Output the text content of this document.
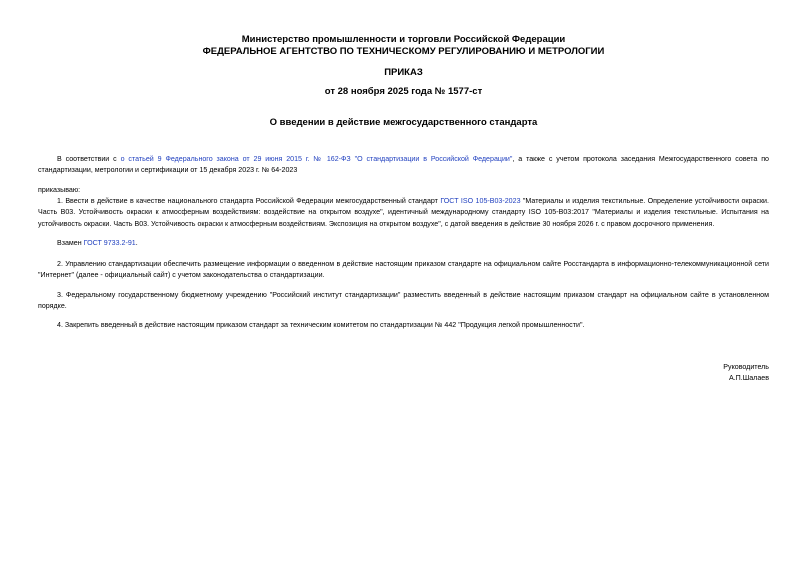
Министерство промышленности и торговли Российской Федерации
ФЕДЕРАЛЬНОЕ АГЕНТСТВО ПО ТЕХНИЧЕСКОМУ РЕГУЛИРОВАНИЮ И МЕТРОЛОГИИ
ПРИКАЗ
от 28 ноября 2025 года № 1577-ст
О введении в действие межгосударственного стандарта
В соответствии с о статьей 9 Федерального закона от 29 июня 2015 г. № 162-ФЗ "О стандартизации в Российской Федерации", а также с учетом протокола заседания Межгосударственного совета по стандартизации, метрологии и сертификации от 15 декабря 2023 г. № 64-2023
приказываю:
1. Ввести в действие в качестве национального стандарта Российской Федерации межгосударственный стандарт ГОСТ ISO 105-B03-2023 "Материалы и изделия текстильные. Определение устойчивости окраски. Часть B03. Устойчивость окраски к атмосферным воздействиям: воздействие на открытом воздухе", идентичный международному стандарту ISO 105-B03:2017 "Материалы и изделия текстильные. Испытания на устойчивость окраски. Часть B03. Устойчивость окраски к атмосферным воздействиям. Экспозиция на открытом воздухе", с датой введения в действие 30 ноября 2026 г. с правом досрочного применения.
Взамен ГОСТ 9733.2-91.
2. Управлению стандартизации обеспечить размещение информации о введенном в действие настоящим приказом стандарте на официальном сайте Росстандарта в информационно-телекоммуникационной сети "Интернет" (далее - официальный сайт) с учетом законодательства о стандартизации.
3. Федеральному государственному бюджетному учреждению "Российский институт стандартизации" разместить введенный в действие настоящим приказом стандарт на официальном сайте в установленном порядке.
4. Закрепить введенный в действие настоящим приказом стандарт за техническим комитетом по стандартизации № 442 "Продукция легкой промышленности".
Руководитель
А.П.Шалаев
